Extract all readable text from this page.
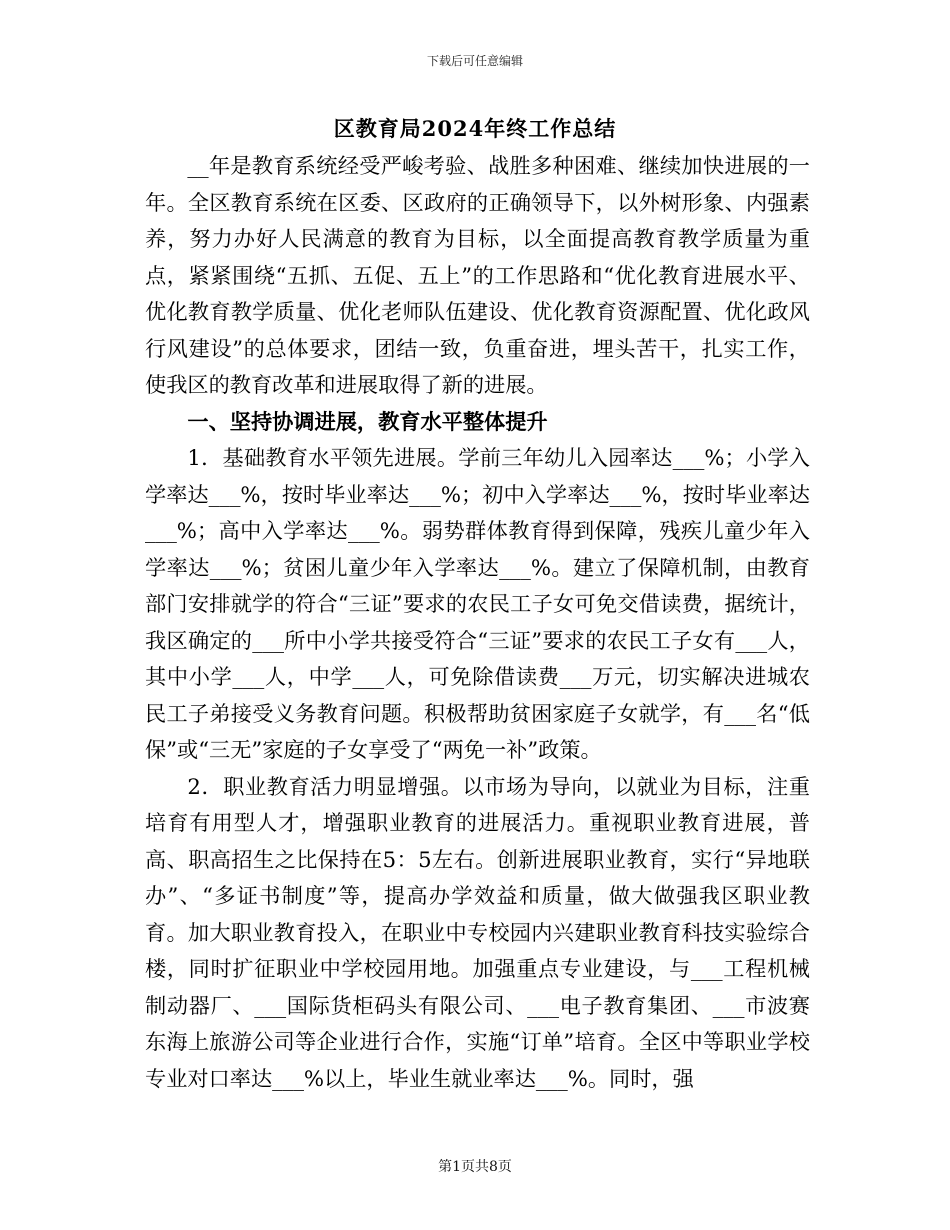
下载后可任意编辑
区教育局2024年终工作总结

__年是教育系统经受严峻考验、战胜多种困难、继续加快进展的一年。全区教育系统在区委、区政府的正确领导下，以外树形象、内强素养，努力办好人民满意的教育为目标，以全面提高教育教学质量为重点，紧紧围绕“五抓、五促、五上”的工作思路和“优化教育进展水平、优化教育教学质量、优化老师队伍建设、优化教育资源配置、优化政风行风建设”的总体要求，团结一致，负重奋进，埋头苦干，扎实工作，使我区的教育改革和进展取得了新的进展。

一、坚持协调进展，教育水平整体提升

1．基础教育水平领先进展。学前三年幼儿入园率达___%；小学入学率达___%，按时毕业率达___%；初中入学率达___%，按时毕业率达___%；高中入学率达___%。弱势群体教育得到保障，残疾儿童少年入学率达___%；贫困儿童少年入学率达___%。建立了保障机制，由教育部门安排就学的符合“三证”要求的农民工子女可免交借读费，据统计，我区确定的___所中小学共接受符合“三证”要求的农民工子女有___人，其中小学___人，中学___人，可免除借读费___万元，切实解决进城农民工子弟接受义务教育问题。积极帮助贫困家庭子女就学，有___名“低保”或“三无”家庭的子女享受了“两免一补”政策。

2．职业教育活力明显增强。以市场为导向，以就业为目标，注重培育有用型人才，增强职业教育的进展活力。重视职业教育进展，普高、职高招生之比保持在5：5左右。创新进展职业教育，实行“异地联办”、“多证书制度”等，提高办学效益和质量，做大做强我区职业教育。加大职业教育投入，在职业中专校园内兴建职业教育科技实验综合楼，同时扩征职业中学校园用地。加强重点专业建设，与___工程机械制动器厂、___国际货柜码头有限公司、___电子教育集团、___市波赛东海上旅游公司等企业进行合作，实施“订单”培育。全区中等职业学校专业对口率达___%以上，毕业生就业率达___%。同时，强

第1页共8页
